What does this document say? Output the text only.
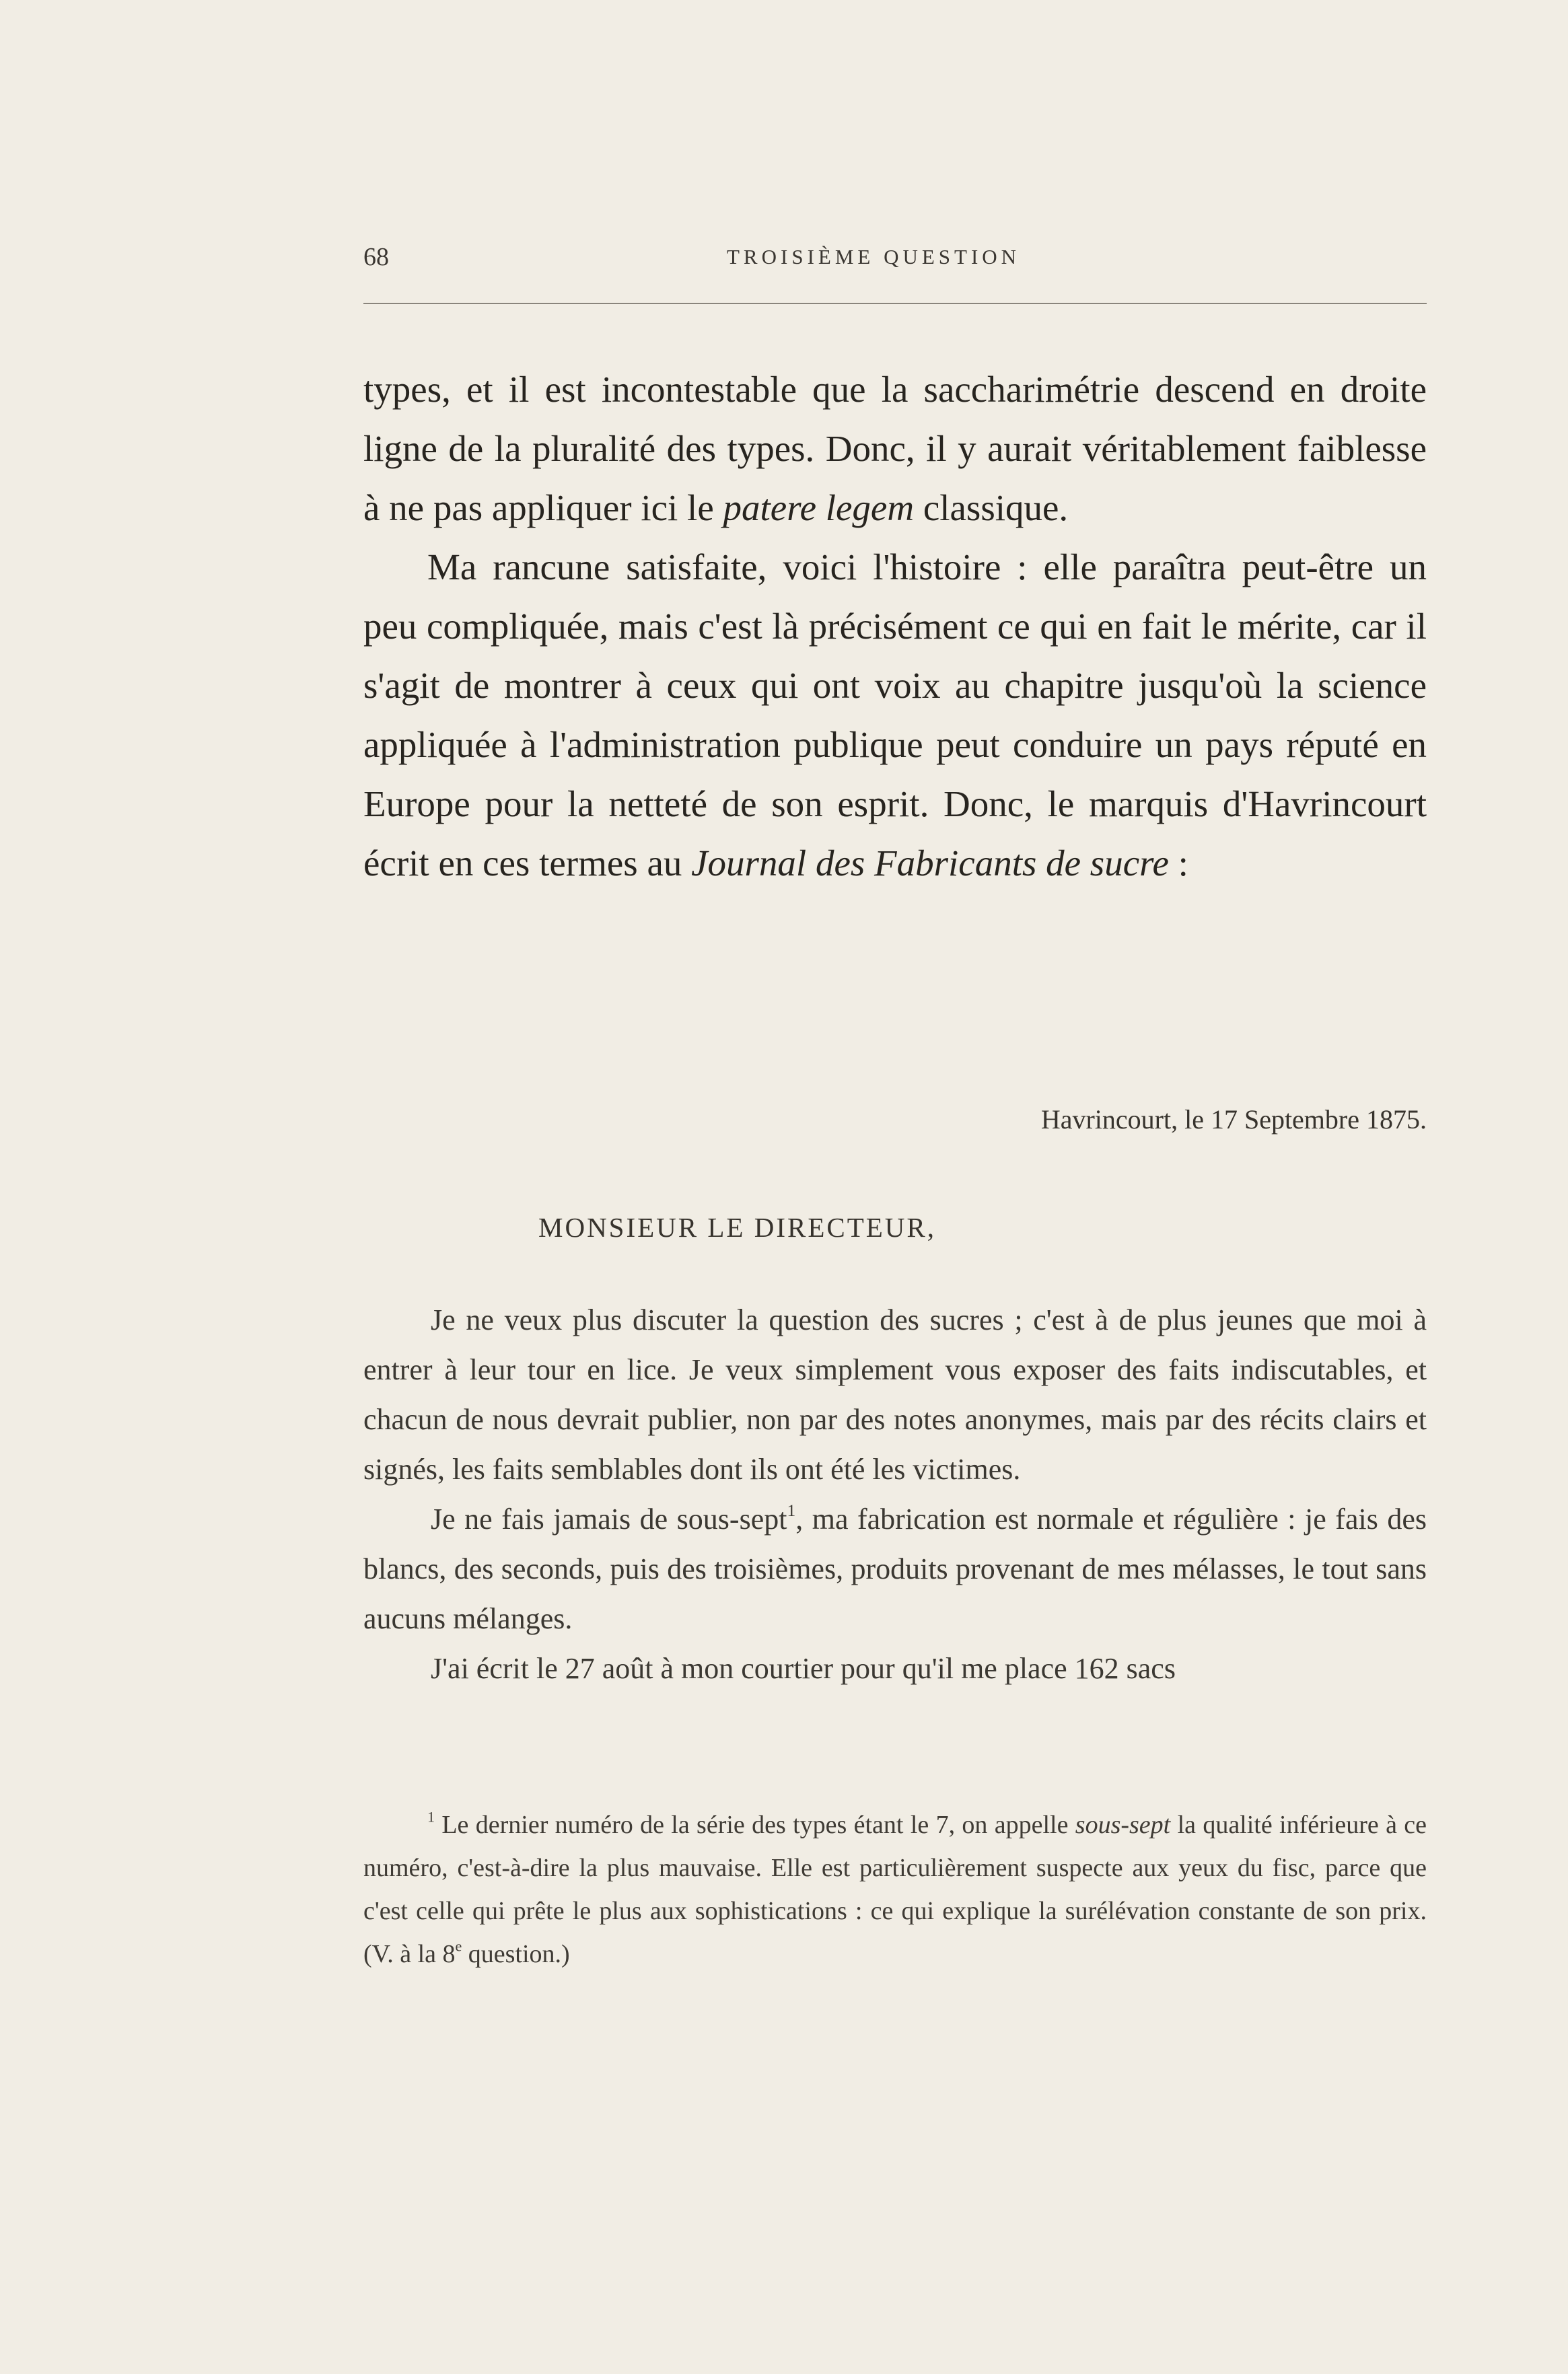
68	TROISIÈME QUESTION

types, et il est incontestable que la saccharimétrie descend en droite ligne de la pluralité des types. Donc, il y aurait véritablement faiblesse à ne pas appliquer ici le patere legem classique.

Ma rancune satisfaite, voici l'histoire : elle paraîtra peut-être un peu compliquée, mais c'est là précisément ce qui en fait le mérite, car il s'agit de montrer à ceux qui ont voix au chapitre jusqu'où la science appliquée à l'administration publique peut conduire un pays réputé en Europe pour la netteté de son esprit. Donc, le marquis d'Havrincourt écrit en ces termes au Journal des Fabricants de sucre :

Havrincourt, le 17 Septembre 1875.
MONSIEUR LE DIRECTEUR,

Je ne veux plus discuter la question des sucres ; c'est à de plus jeunes que moi à entrer à leur tour en lice. Je veux simplement vous exposer des faits indiscutables, et chacun de nous devrait publier, non par des notes anonymes, mais par des récits clairs et signés, les faits semblables dont ils ont été les victimes.

Je ne fais jamais de sous-sept$^1$, ma fabrication est normale et régulière : je fais des blancs, des seconds, puis des troisièmes, produits provenant de mes mélasses, le tout sans aucuns mélanges.

J'ai écrit le 27 août à mon courtier pour qu'il me place 162 sacs

$^1$ Le dernier numéro de la série des types étant le 7, on appelle sous-sept la qualité inférieure à ce numéro, c'est-à-dire la plus mauvaise. Elle est particulièrement suspecte aux yeux du fisc, parce que c'est celle qui prête le plus aux sophistications : ce qui explique la surélévation constante de son prix. (V. à la 8e question.)
